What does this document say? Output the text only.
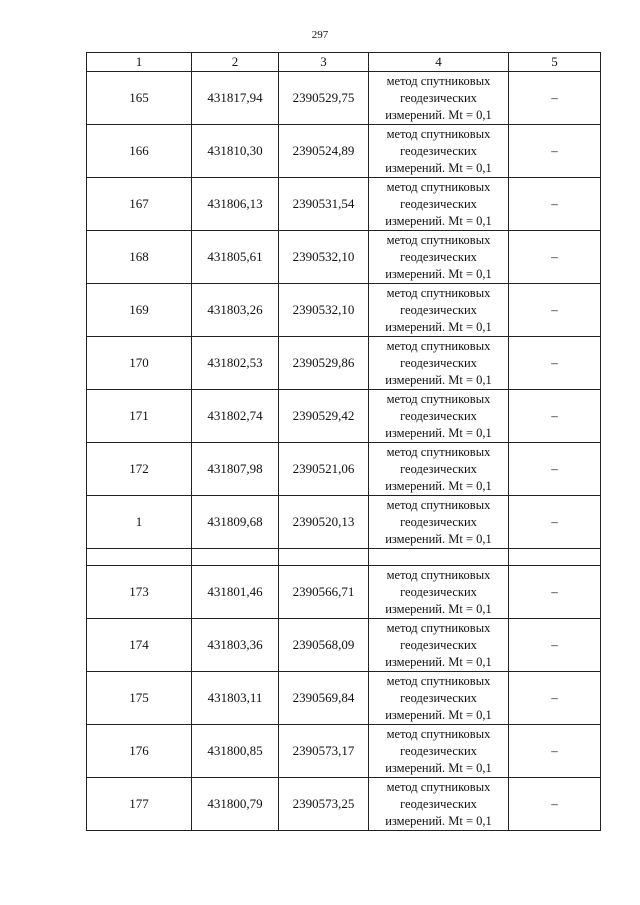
297
1	2	3	4	5
165	431817,94	2390529,75	метод спутниковых
геодезических
измерений. Mt = 0,1	–
166	431810,30	2390524,89	метод спутниковых
геодезических
измерений. Mt = 0,1	–
167	431806,13	2390531,54	метод спутниковых
геодезических
измерений. Mt = 0,1	–
168	431805,61	2390532,10	метод спутниковых
геодезических
измерений. Mt = 0,1	–
169	431803,26	2390532,10	метод спутниковых
геодезических
измерений. Mt = 0,1	–
170	431802,53	2390529,86	метод спутниковых
геодезических
измерений. Mt = 0,1	–
171	431802,74	2390529,42	метод спутниковых
геодезических
измерений. Mt = 0,1	–
172	431807,98	2390521,06	метод спутниковых
геодезических
измерений. Mt = 0,1	–
1	431809,68	2390520,13	метод спутниковых
геодезических
измерений. Mt = 0,1	–

173	431801,46	2390566,71	метод спутниковых
геодезических
измерений. Mt = 0,1	–
174	431803,36	2390568,09	метод спутниковых
геодезических
измерений. Mt = 0,1	–
175	431803,11	2390569,84	метод спутниковых
геодезических
измерений. Mt = 0,1	–
176	431800,85	2390573,17	метод спутниковых
геодезических
измерений. Mt = 0,1	–
177	431800,79	2390573,25	метод спутниковых
геодезических
измерений. Mt = 0,1	–
